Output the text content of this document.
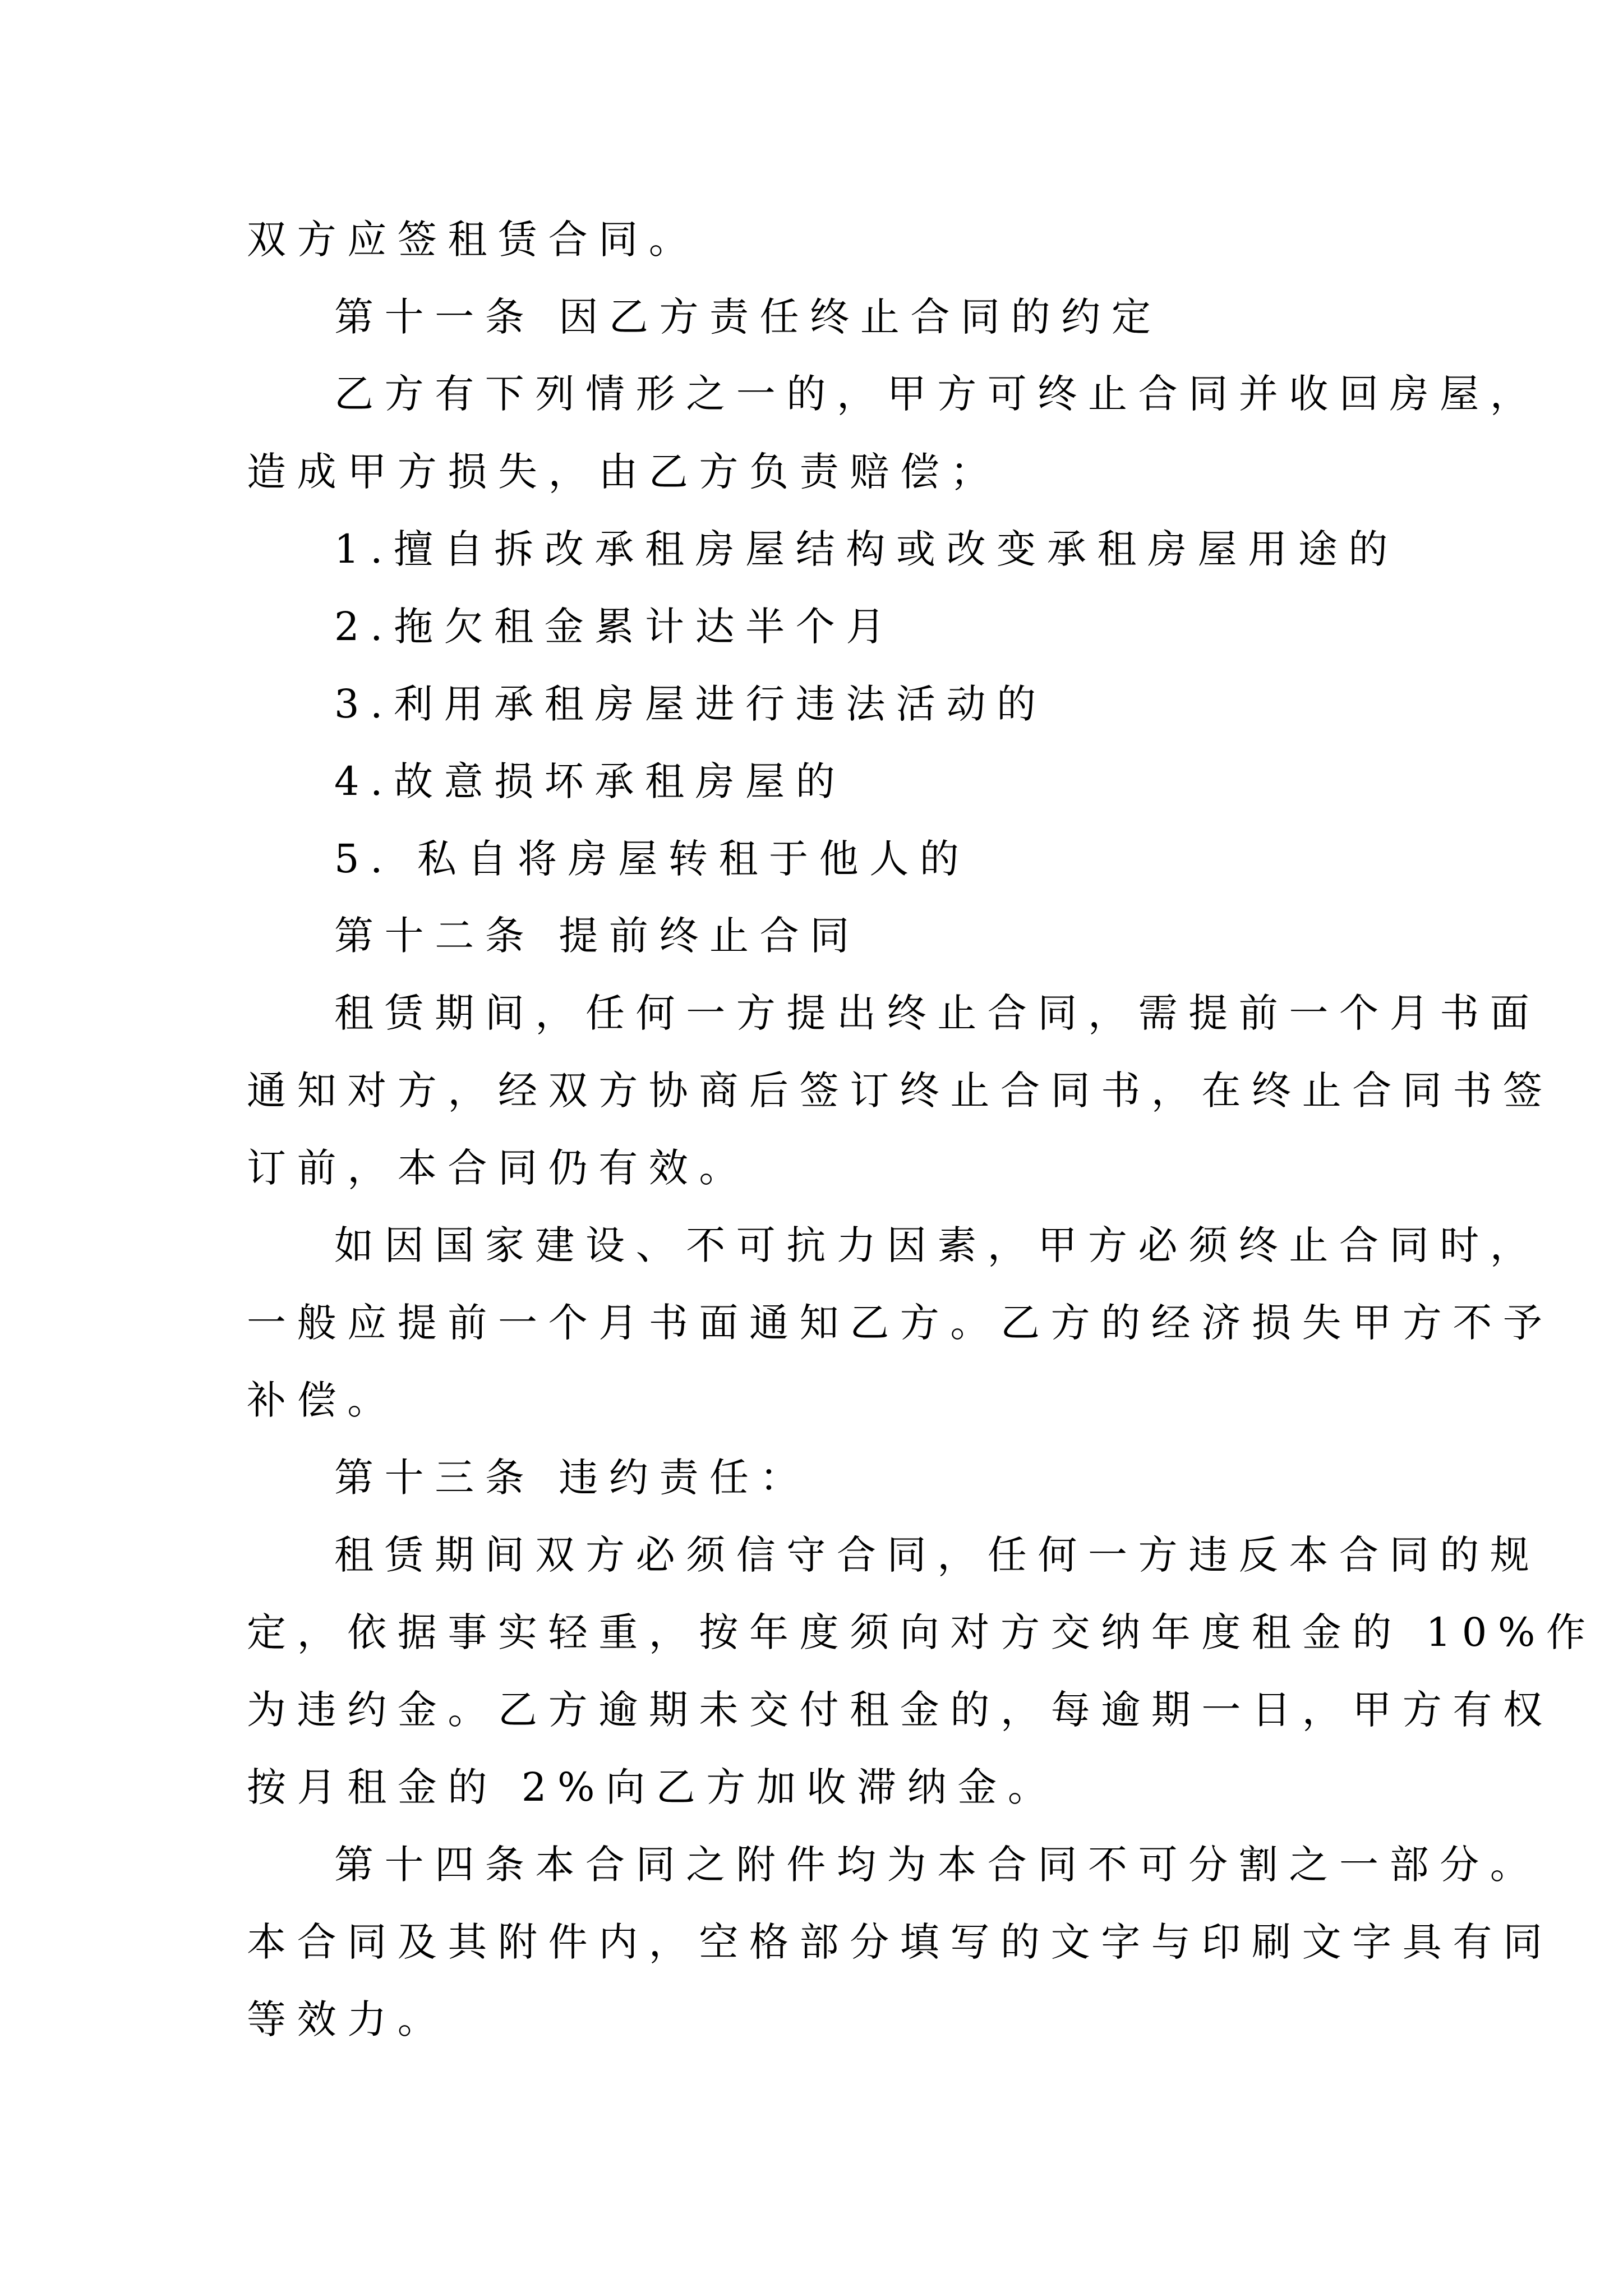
双方应签租赁合同。
第十一条 因乙方责任终止合同的约定
乙方有下列情形之一的，甲方可终止合同并收回房屋，
造成甲方损失，由乙方负责赔偿；
1.擅自拆改承租房屋结构或改变承租房屋用途的
2.拖欠租金累计达半个月
3.利用承租房屋进行违法活动的
4.故意损坏承租房屋的
5. 私自将房屋转租于他人的
第十二条 提前终止合同
租赁期间，任何一方提出终止合同，需提前一个月书面
通知对方，经双方协商后签订终止合同书，在终止合同书签
订前，本合同仍有效。
如因国家建设、不可抗力因素，甲方必须终止合同时，
一般应提前一个月书面通知乙方。乙方的经济损失甲方不予
补偿。
第十三条 违约责任：
租赁期间双方必须信守合同，任何一方违反本合同的规
定，依据事实轻重，按年度须向对方交纳年度租金的 10%作
为违约金。乙方逾期未交付租金的，每逾期一日，甲方有权
按月租金的 2%向乙方加收滞纳金。
第十四条本合同之附件均为本合同不可分割之一部分。
本合同及其附件内，空格部分填写的文字与印刷文字具有同
等效力。
